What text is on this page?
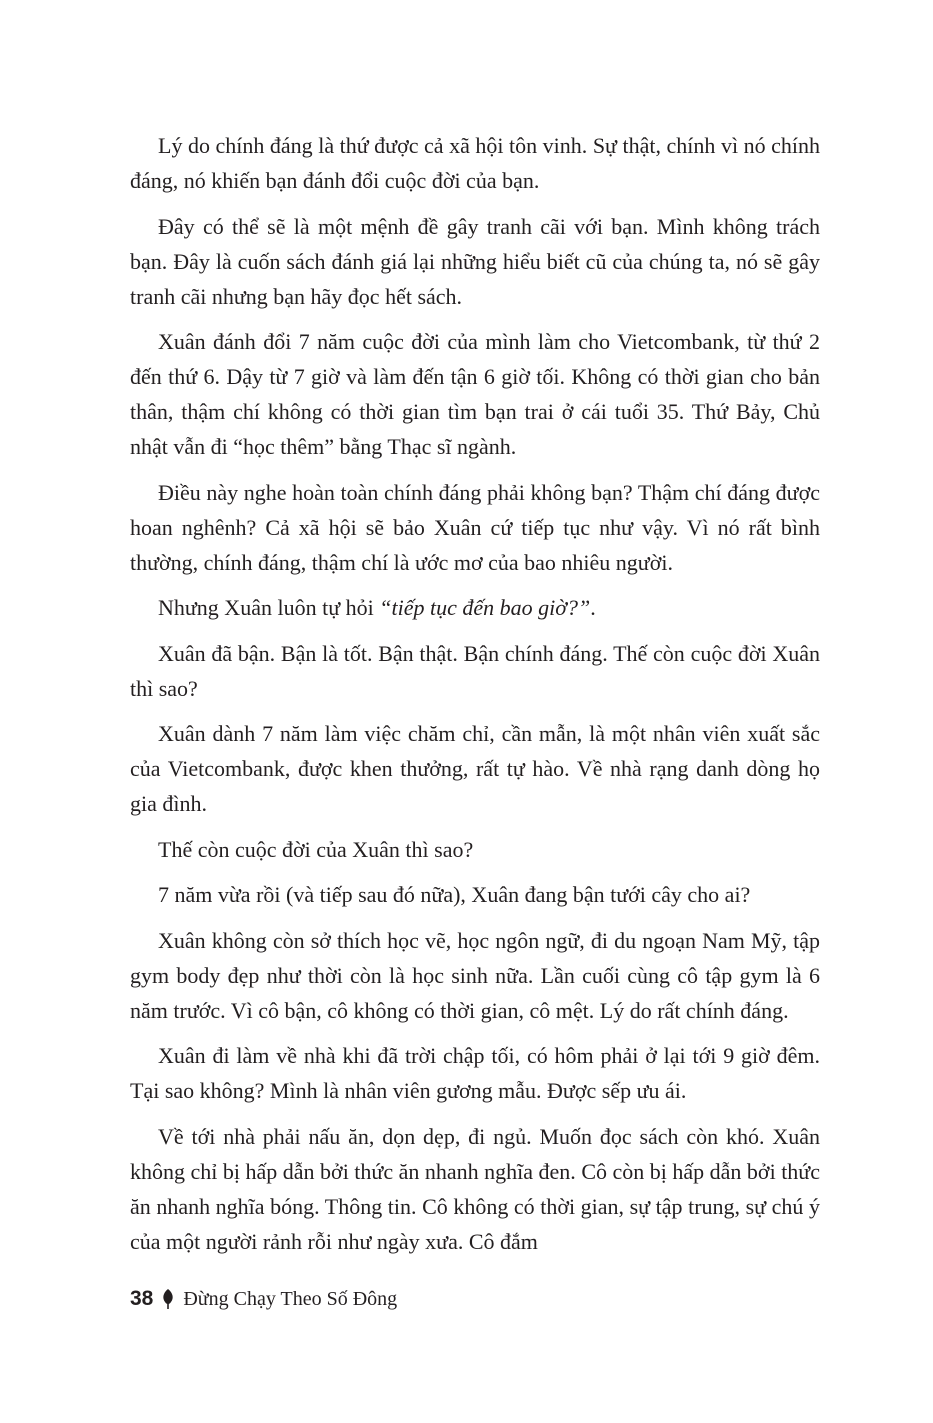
Lý do chính đáng là thứ được cả xã hội tôn vinh. Sự thật, chính vì nó chính đáng, nó khiến bạn đánh đổi cuộc đời của bạn.

Đây có thể sẽ là một mệnh đề gây tranh cãi với bạn. Mình không trách bạn. Đây là cuốn sách đánh giá lại những hiểu biết cũ của chúng ta, nó sẽ gây tranh cãi nhưng bạn hãy đọc hết sách.

Xuân đánh đổi 7 năm cuộc đời của mình làm cho Vietcombank, từ thứ 2 đến thứ 6. Dậy từ 7 giờ và làm đến tận 6 giờ tối. Không có thời gian cho bản thân, thậm chí không có thời gian tìm bạn trai ở cái tuổi 35. Thứ Bảy, Chủ nhật vẫn đi “học thêm” bằng Thạc sĩ ngành.

Điều này nghe hoàn toàn chính đáng phải không bạn? Thậm chí đáng được hoan nghênh? Cả xã hội sẽ bảo Xuân cứ tiếp tục như vậy. Vì nó rất bình thường, chính đáng, thậm chí là ước mơ của bao nhiêu người.

Nhưng Xuân luôn tự hỏi “tiếp tục đến bao giờ?”.

Xuân đã bận. Bận là tốt. Bận thật. Bận chính đáng. Thế còn cuộc đời Xuân thì sao?

Xuân dành 7 năm làm việc chăm chỉ, cần mẫn, là một nhân viên xuất sắc của Vietcombank, được khen thưởng, rất tự hào. Về nhà rạng danh dòng họ gia đình.

Thế còn cuộc đời của Xuân thì sao?

7 năm vừa rồi (và tiếp sau đó nữa), Xuân đang bận tưới cây cho ai?

Xuân không còn sở thích học vẽ, học ngôn ngữ, đi du ngoạn Nam Mỹ, tập gym body đẹp như thời còn là học sinh nữa. Lần cuối cùng cô tập gym là 6 năm trước. Vì cô bận, cô không có thời gian, cô mệt. Lý do rất chính đáng.

Xuân đi làm về nhà khi đã trời chập tối, có hôm phải ở lại tới 9 giờ đêm. Tại sao không? Mình là nhân viên gương mẫu. Được sếp ưu ái.

Về tới nhà phải nấu ăn, dọn dẹp, đi ngủ. Muốn đọc sách còn khó. Xuân không chỉ bị hấp dẫn bởi thức ăn nhanh nghĩa đen. Cô còn bị hấp dẫn bởi thức ăn nhanh nghĩa bóng. Thông tin. Cô không có thời gian, sự tập trung, sự chú ý của một người rảnh rỗi như ngày xưa. Cô đắm

38 Đừng Chạy Theo Số Đông
